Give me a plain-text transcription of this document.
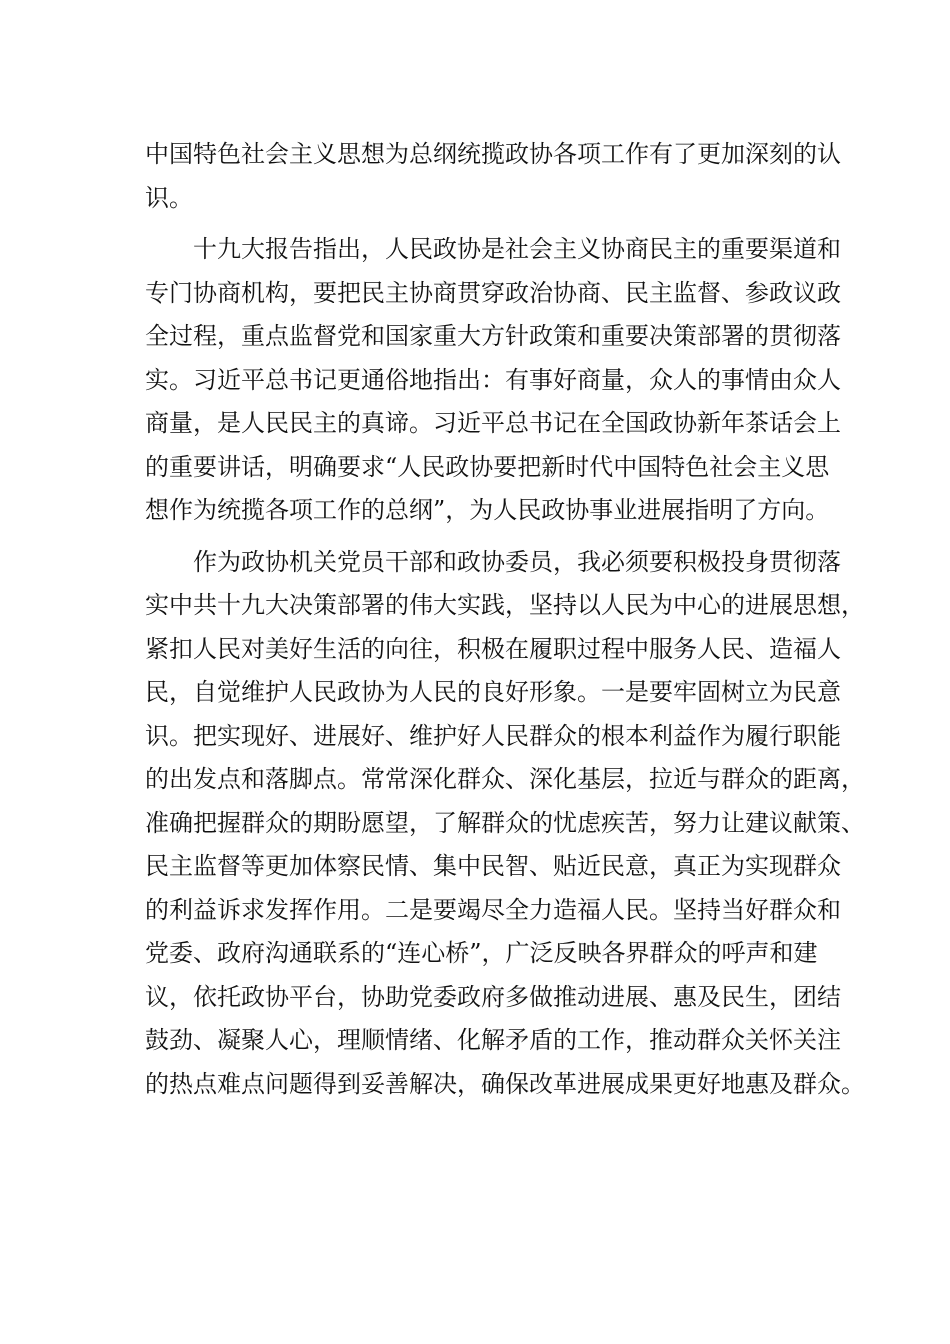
中国特色社会主义思想为总纲统揽政协各项工作有了更加深刻的认
识。
十九大报告指出，人民政协是社会主义协商民主的重要渠道和
专门协商机构，要把民主协商贯穿政治协商、民主监督、参政议政
全过程，重点监督党和国家重大方针政策和重要决策部署的贯彻落
实。习近平总书记更通俗地指出：有事好商量，众人的事情由众人
商量，是人民民主的真谛。习近平总书记在全国政协新年茶话会上
的重要讲话，明确要求“人民政协要把新时代中国特色社会主义思
想作为统揽各项工作的总纲”，为人民政协事业进展指明了方向。
作为政协机关党员干部和政协委员，我必须要积极投身贯彻落
实中共十九大决策部署的伟大实践，坚持以人民为中心的进展思想，
紧扣人民对美好生活的向往，积极在履职过程中服务人民、造福人
民，自觉维护人民政协为人民的良好形象。一是要牢固树立为民意
识。把实现好、进展好、维护好人民群众的根本利益作为履行职能
的出发点和落脚点。常常深化群众、深化基层，拉近与群众的距离，
准确把握群众的期盼愿望，了解群众的忧虑疾苦，努力让建议献策、
民主监督等更加体察民情、集中民智、贴近民意，真正为实现群众
的利益诉求发挥作用。二是要竭尽全力造福人民。坚持当好群众和
党委、政府沟通联系的“连心桥”，广泛反映各界群众的呼声和建
议，依托政协平台，协助党委政府多做推动进展、惠及民生，团结
鼓劲、凝聚人心，理顺情绪、化解矛盾的工作，推动群众关怀关注
的热点难点问题得到妥善解决，确保改革进展成果更好地惠及群众。
